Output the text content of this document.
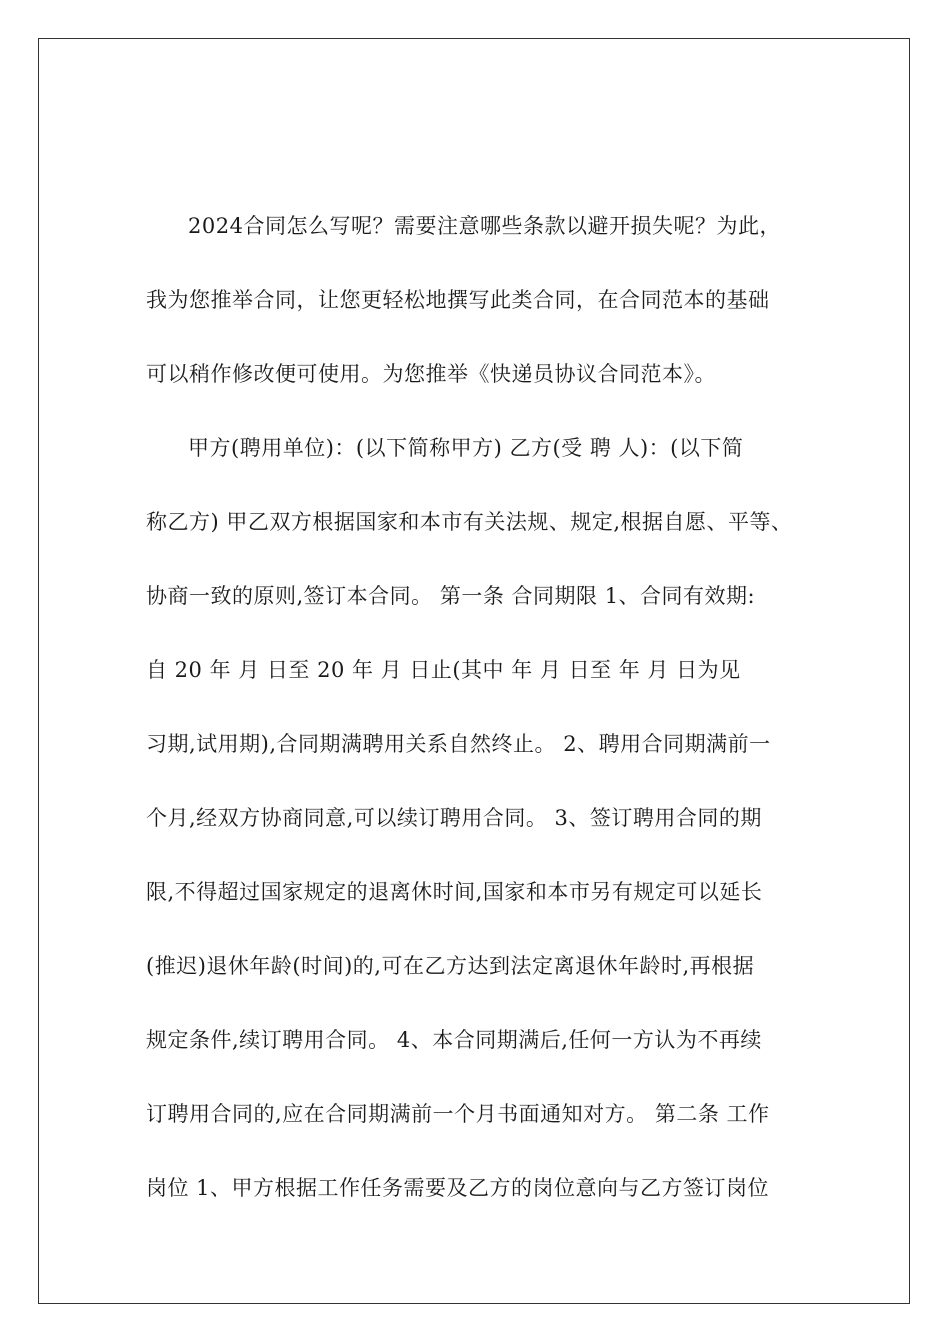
2024合同怎么写呢？需要注意哪些条款以避开损失呢？为此，
我为您推举合同，让您更轻松地撰写此类合同，在合同范本的基础
可以稍作修改便可使用。为您推举《快递员协议合同范本》。
甲方(聘用单位)：(以下简称甲方) 乙方(受 聘 人)：(以下简
称乙方) 甲乙双方根据国家和本市有关法规、规定,根据自愿、平等、
协商一致的原则,签订本合同。 第一条 合同期限 1、合同有效期:
自 20 年 月 日至 20 年 月 日止(其中 年 月 日至 年 月 日为见
习期,试用期),合同期满聘用关系自然终止。 2、聘用合同期满前一
个月,经双方协商同意,可以续订聘用合同。 3、签订聘用合同的期
限,不得超过国家规定的退离休时间,国家和本市另有规定可以延长
(推迟)退休年龄(时间)的,可在乙方达到法定离退休年龄时,再根据
规定条件,续订聘用合同。 4、本合同期满后,任何一方认为不再续
订聘用合同的,应在合同期满前一个月书面通知对方。 第二条 工作
岗位 1、甲方根据工作任务需要及乙方的岗位意向与乙方签订岗位
